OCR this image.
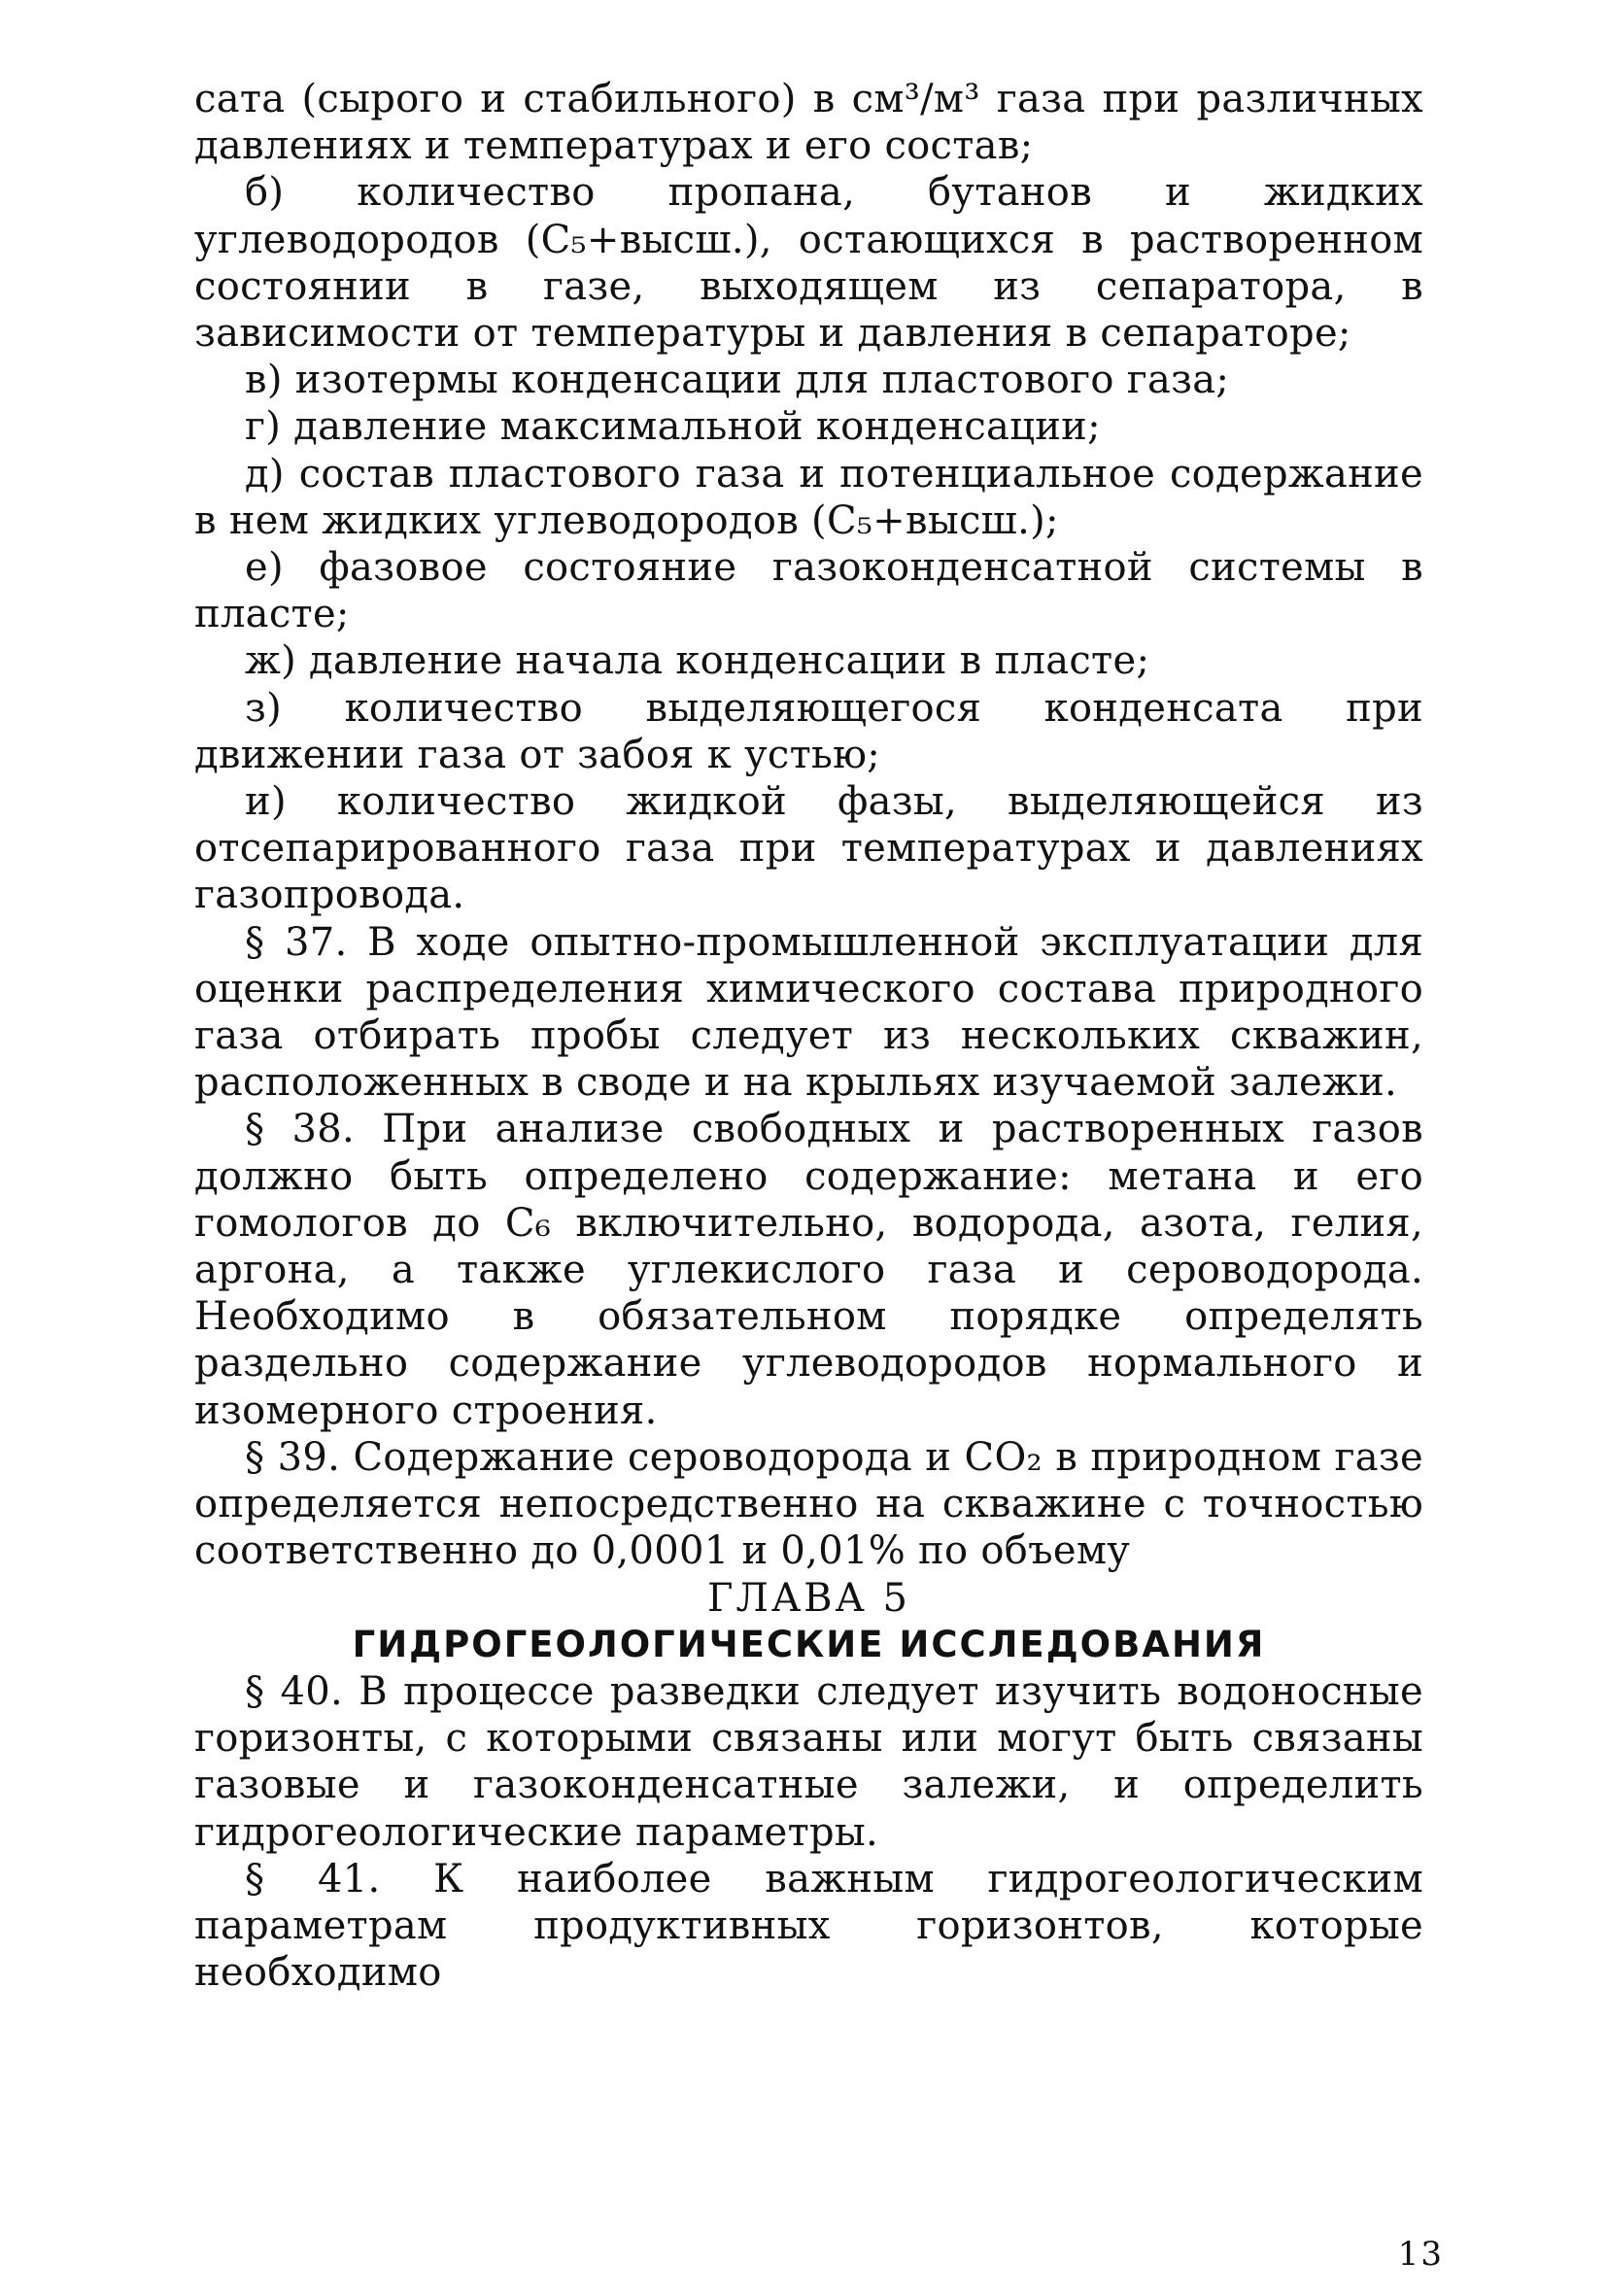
сата (сырого и стабильного) в см³/м³ газа при различных давлениях и температурах и его состав;

б) количество пропана, бутанов и жидких углеводородов (C₅+высш.), остающихся в растворенном состоянии в газе, выходящем из сепаратора, в зависимости от температуры и давления в сепараторе;

в) изотермы конденсации для пластового газа;

г) давление максимальной конденсации;

д) состав пластового газа и потенциальное содержание в нем жидких углеводородов (C₅+высш.);

е) фазовое состояние газоконденсатной системы в пласте;

ж) давление начала конденсации в пласте;

з) количество выделяющегося конденсата при движении газа от забоя к устью;

и) количество жидкой фазы, выделяющейся из отсепарированного газа при температурах и давлениях газопровода.

§ 37. В ходе опытно-промышленной эксплуатации для оценки распределения химического состава природного газа отбирать пробы следует из нескольких скважин, расположенных в своде и на крыльях изучаемой залежи.

§ 38. При анализе свободных и растворенных газов должно быть определено содержание: метана и его гомологов до C₆ включительно, водорода, азота, гелия, аргона, а также углекислого газа и сероводорода. Необходимо в обязательном порядке определять раздельно содержание углеводородов нормального и изомерного строения.

§ 39. Содержание сероводорода и CO₂ в природном газе определяется непосредственно на скважине с точностью соответственно до 0,0001 и 0,01% по объему

ГЛАВА 5

ГИДРОГЕОЛОГИЧЕСКИЕ ИССЛЕДОВАНИЯ

§ 40. В процессе разведки следует изучить водоносные горизонты, с которыми связаны или могут быть связаны газовые и газоконденсатные залежи, и определить гидрогеологические параметры.

§ 41. К наиболее важным гидрогеологическим параметрам продуктивных горизонтов, которые необходимо

13
